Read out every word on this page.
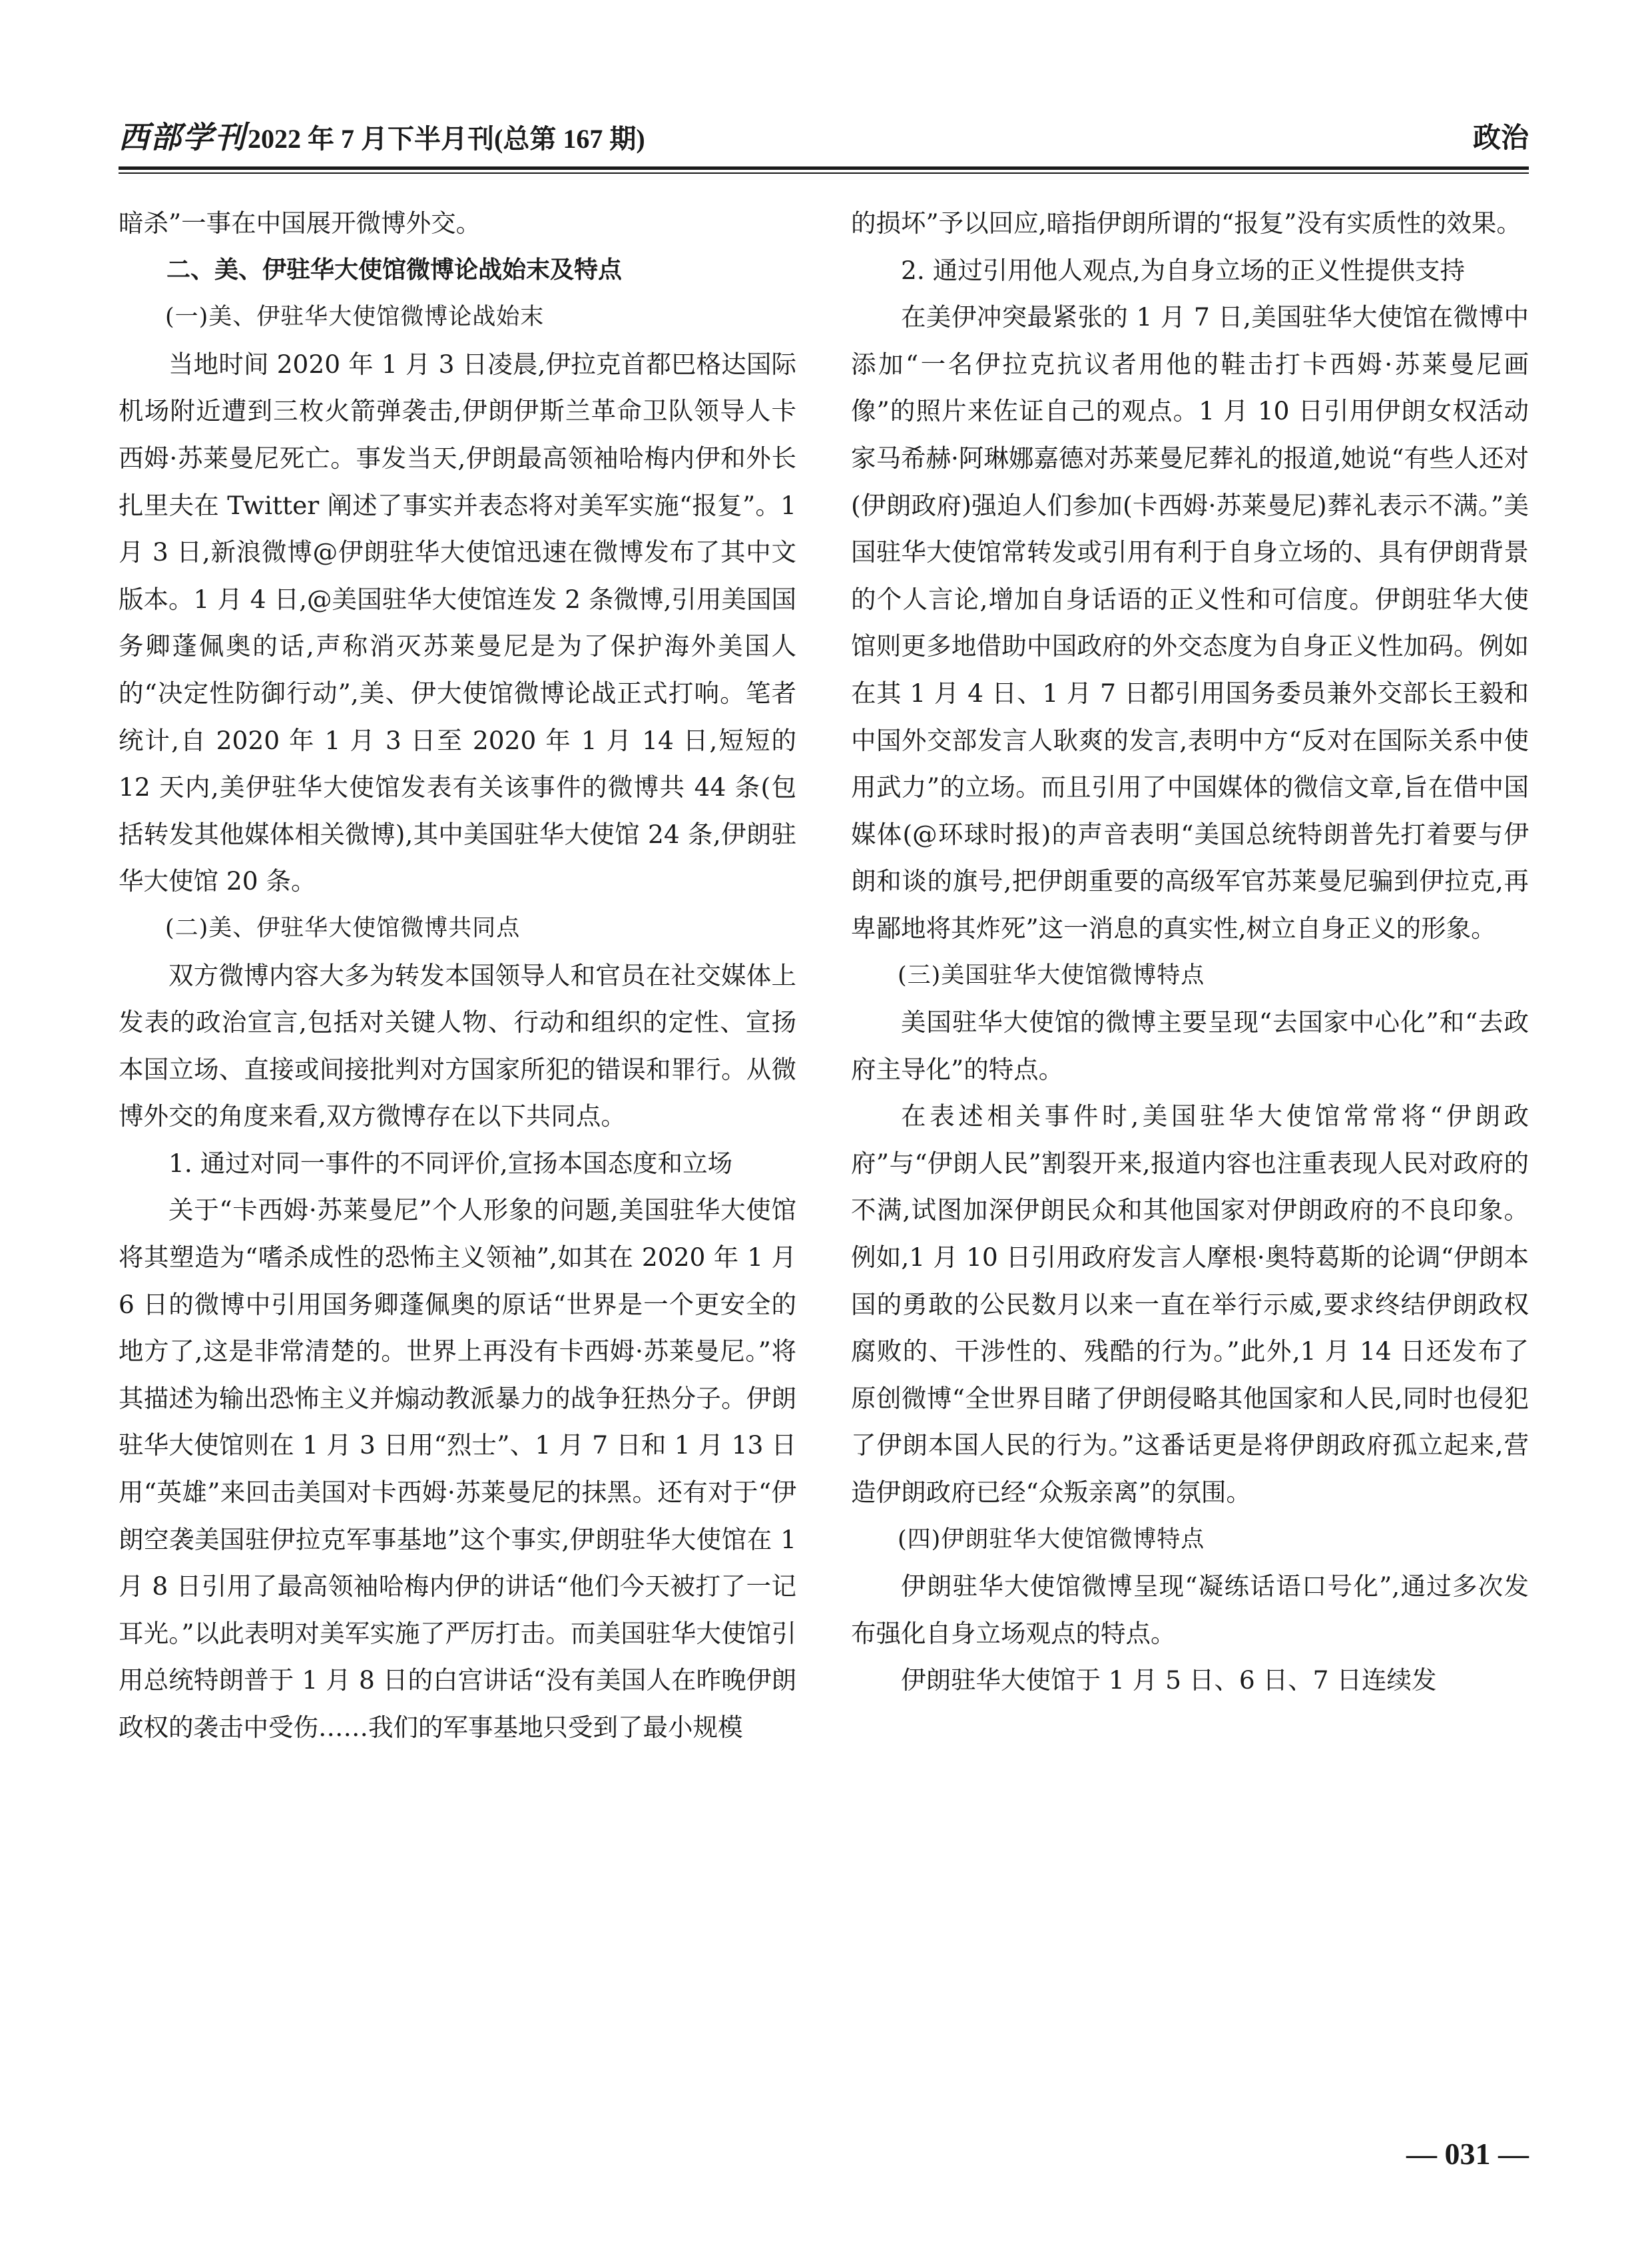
西部学刊2022 年 7 月下半月刊(总第 167 期)	政治

暗杀”一事在中国展开微博外交。

二、美、伊驻华大使馆微博论战始末及特点

(一)美、伊驻华大使馆微博论战始末

当地时间 2020 年 1 月 3 日凌晨,伊拉克首都巴格达国际机场附近遭到三枚火箭弹袭击,伊朗伊斯兰革命卫队领导人卡西姆·苏莱曼尼死亡。事发当天,伊朗最高领袖哈梅内伊和外长扎里夫在 Twitter 阐述了事实并表态将对美军实施“报复”。1 月 3 日,新浪微博@伊朗驻华大使馆迅速在微博发布了其中文版本。1 月 4 日,@美国驻华大使馆连发 2 条微博,引用美国国务卿蓬佩奥的话,声称消灭苏莱曼尼是为了保护海外美国人的“决定性防御行动”,美、伊大使馆微博论战正式打响。笔者统计,自 2020 年 1 月 3 日至 2020 年 1 月 14 日,短短的 12 天内,美伊驻华大使馆发表有关该事件的微博共 44 条(包括转发其他媒体相关微博),其中美国驻华大使馆 24 条,伊朗驻华大使馆 20 条。

(二)美、伊驻华大使馆微博共同点

双方微博内容大多为转发本国领导人和官员在社交媒体上发表的政治宣言,包括对关键人物、行动和组织的定性、宣扬本国立场、直接或间接批判对方国家所犯的错误和罪行。从微博外交的角度来看,双方微博存在以下共同点。

1. 通过对同一事件的不同评价,宣扬本国态度和立场

关于“卡西姆·苏莱曼尼”个人形象的问题,美国驻华大使馆将其塑造为“嗜杀成性的恐怖主义领袖”,如其在 2020 年 1 月 6 日的微博中引用国务卿蓬佩奥的原话“世界是一个更安全的地方了,这是非常清楚的。世界上再没有卡西姆·苏莱曼尼。”将其描述为输出恐怖主义并煽动教派暴力的战争狂热分子。伊朗驻华大使馆则在 1 月 3 日用“烈士”、1 月 7 日和 1 月 13 日用“英雄”来回击美国对卡西姆·苏莱曼尼的抹黑。还有对于“伊朗空袭美国驻伊拉克军事基地”这个事实,伊朗驻华大使馆在 1 月 8 日引用了最高领袖哈梅内伊的讲话“他们今天被打了一记耳光。”以此表明对美军实施了严厉打击。而美国驻华大使馆引用总统特朗普于 1 月 8 日的白宫讲话“没有美国人在昨晚伊朗政权的袭击中受伤……我们的军事基地只受到了最小规模

的损坏”予以回应,暗指伊朗所谓的“报复”没有实质性的效果。

2. 通过引用他人观点,为自身立场的正义性提供支持

在美伊冲突最紧张的 1 月 7 日,美国驻华大使馆在微博中添加“一名伊拉克抗议者用他的鞋击打卡西姆·苏莱曼尼画像”的照片来佐证自己的观点。1 月 10 日引用伊朗女权活动家马希赫·阿琳娜嘉德对苏莱曼尼葬礼的报道,她说“有些人还对(伊朗政府)强迫人们参加(卡西姆·苏莱曼尼)葬礼表示不满。”美国驻华大使馆常转发或引用有利于自身立场的、具有伊朗背景的个人言论,增加自身话语的正义性和可信度。伊朗驻华大使馆则更多地借助中国政府的外交态度为自身正义性加码。例如在其 1 月 4 日、1 月 7 日都引用国务委员兼外交部长王毅和中国外交部发言人耿爽的发言,表明中方“反对在国际关系中使用武力”的立场。而且引用了中国媒体的微信文章,旨在借中国媒体(@环球时报)的声音表明“美国总统特朗普先打着要与伊朗和谈的旗号,把伊朗重要的高级军官苏莱曼尼骗到伊拉克,再卑鄙地将其炸死”这一消息的真实性,树立自身正义的形象。

(三)美国驻华大使馆微博特点

美国驻华大使馆的微博主要呈现“去国家中心化”和“去政府主导化”的特点。

在表述相关事件时,美国驻华大使馆常常将“伊朗政府”与“伊朗人民”割裂开来,报道内容也注重表现人民对政府的不满,试图加深伊朗民众和其他国家对伊朗政府的不良印象。例如,1 月 10 日引用政府发言人摩根·奥特葛斯的论调“伊朗本国的勇敢的公民数月以来一直在举行示威,要求终结伊朗政权腐败的、干涉性的、残酷的行为。”此外,1 月 14 日还发布了原创微博“全世界目睹了伊朗侵略其他国家和人民,同时也侵犯了伊朗本国人民的行为。”这番话更是将伊朗政府孤立起来,营造伊朗政府已经“众叛亲离”的氛围。

(四)伊朗驻华大使馆微博特点

伊朗驻华大使馆微博呈现“凝练话语口号化”,通过多次发布强化自身立场观点的特点。

伊朗驻华大使馆于 1 月 5 日、6 日、7 日连续发

— 031 —
